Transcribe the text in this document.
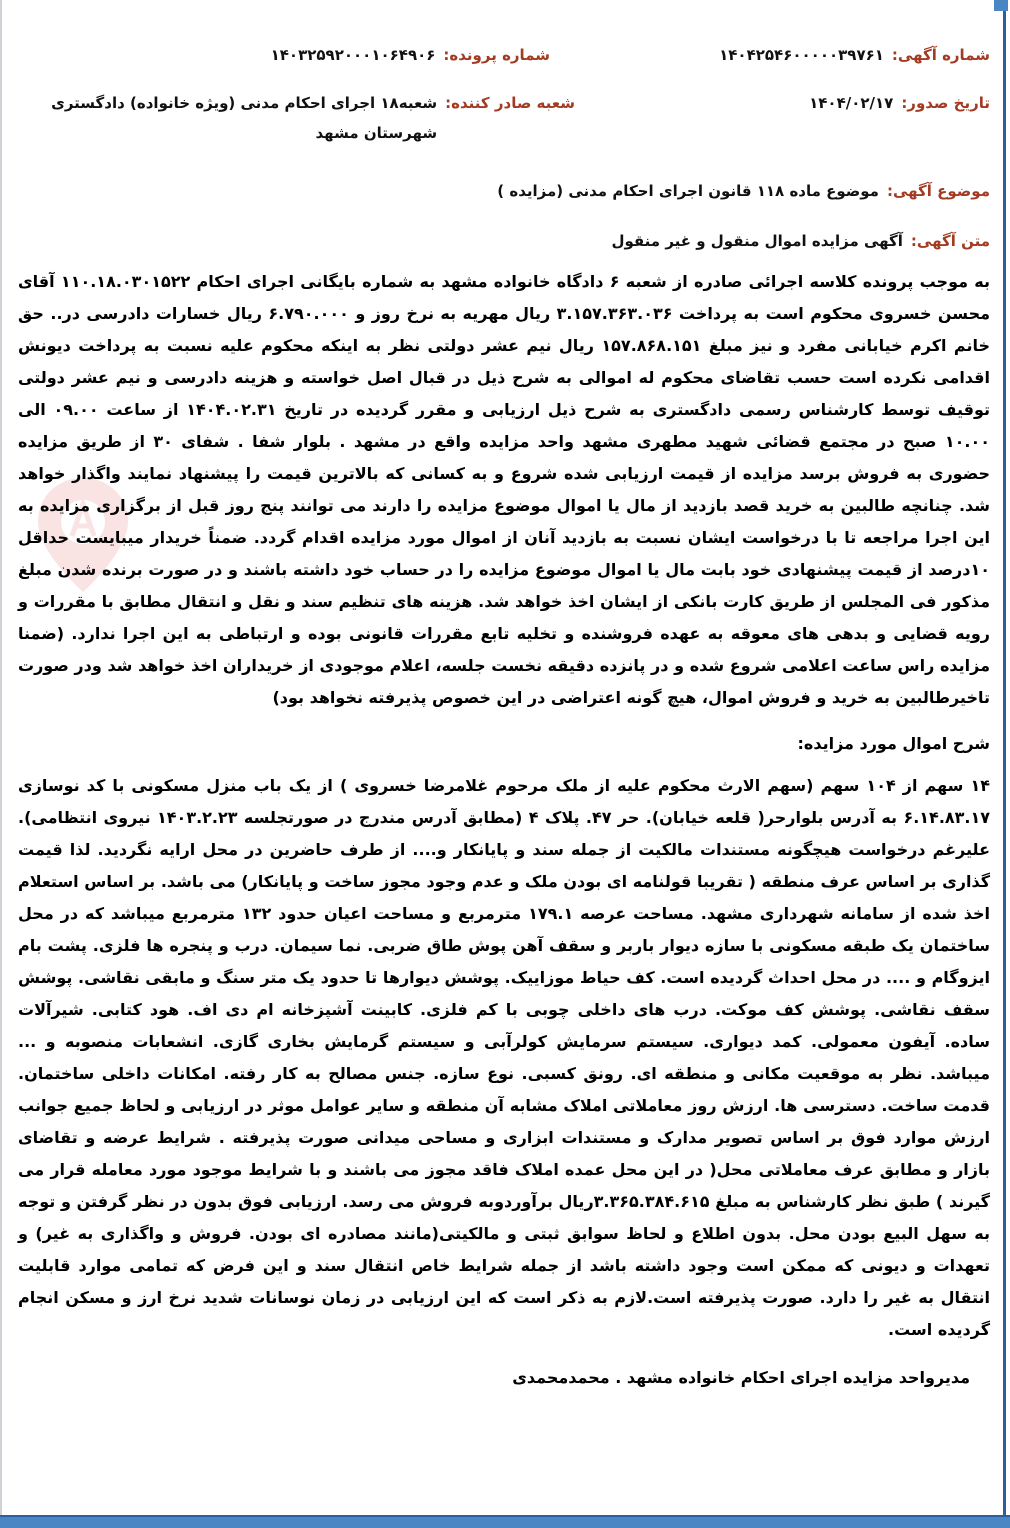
شماره آگهی:
۱۴۰۴۲۵۴۶۰۰۰۰۰۳۹۷۶۱
شماره پرونده:
۱۴۰۳۲۵۹۲۰۰۰۱۰۶۴۹۰۶
تاریخ صدور:
۱۴۰۴/۰۲/۱۷
شعبه صادر کننده:
شعبه۱۸ اجرای احکام مدنی (ویژه خانواده) دادگستری
شهرستان مشهد
موضوع آگهی:
موضوع ماده ۱۱۸ قانون اجرای احکام مدنی (مزایده )
متن آگهی:
آگهی مزایده اموال منقول و غیر منقول

به موجب پرونده کلاسه اجرائی صادره از شعبه ۶ دادگاه خانواده مشهد به شماره بایگانی اجرای احکام ۱۱۰.۱۸.۰۳۰۱۵۲۲ آقای محسن خسروی محکوم است به پرداخت ۳.۱۵۷.۳۶۳.۰۳۶ ریال مهریه به نرخ روز و ۶.۷۹۰.۰۰۰ ریال خسارات دادرسی در.. حق خانم اکرم خیابانی مفرد و نیز مبلغ ۱۵۷.۸۶۸.۱۵۱ ریال نیم عشر دولتی نظر به اینکه محکوم علیه نسبت به پرداخت دیونش اقدامی نکرده است حسب تقاضای محکوم له اموالی به شرح ذیل در قبال اصل خواسته و هزینه دادرسی و نیم عشر دولتی توقیف توسط کارشناس رسمی دادگستری به شرح ذیل ارزیابی و مقرر گردیده در تاریخ ۱۴۰۴.۰۲.۳۱ از ساعت ۰۹.۰۰ الی ۱۰.۰۰ صبح در مجتمع قضائی شهید مطهری مشهد واحد مزایده واقع در مشهد . بلوار شفا . شفای ۳۰ از طریق مزایده حضوری به فروش برسد مزایده از قیمت ارزیابی شده شروع و به کسانی که بالاترین قیمت را پیشنهاد نمایند واگذار خواهد شد. چنانچه طالبین به خرید قصد بازدید از مال یا اموال موضوع مزایده را دارند می توانند پنج روز قبل از برگزاری مزایده به این اجرا مراجعه تا با درخواست ایشان نسبت به بازدید آنان از اموال مورد مزایده اقدام گردد. ضمناً خریدار میبایست حداقل ۱۰درصد از قیمت پیشنهادی خود بابت مال یا اموال موضوع مزایده را در حساب خود داشته باشند و در صورت برنده شدن مبلغ مذکور فی المجلس از طریق کارت بانکی از ایشان اخذ خواهد شد. هزینه های تنظیم سند و نقل و انتقال مطابق با مقررات و رویه قضایی و بدهی های معوقه به عهده فروشنده و تخلیه تابع مقررات قانونی بوده و ارتباطی به این اجرا ندارد. (ضمنا مزایده راس ساعت اعلامی شروع شده و در پانزده دقیقه نخست جلسه، اعلام موجودی از خریداران اخذ خواهد شد ودر صورت تاخیرطالبین به خرید و فروش اموال، هیچ گونه اعتراضی در این خصوص پذیرفته نخواهد بود)

شرح اموال مورد مزایده:

۱۴ سهم از ۱۰۴ سهم (سهم الارث محکوم علیه از ملک مرحوم غلامرضا خسروی ) از یک باب منزل مسکونی با کد نوسازی ۶.۱۴.۸۳.۱۷ به آدرس بلوارحر( قلعه خیابان). حر ۴۷. پلاک ۴ (مطابق آدرس مندرج در صورتجلسه ۱۴۰۳.۲.۲۳ نیروی انتظامی). علیرغم درخواست هیچگونه مستندات مالکیت از جمله سند و پایانکار و.... از طرف حاضرین در محل ارایه نگردید. لذا قیمت گذاری بر اساس عرف منطقه ( تقریبا قولنامه ای بودن ملک و عدم وجود مجوز ساخت و پایانکار) می باشد. بر اساس استعلام اخذ شده از سامانه شهرداری مشهد. مساحت عرصه ۱۷۹.۱ مترمربع و مساحت اعیان حدود ۱۳۲ مترمربع میباشد که در محل ساختمان یک طبقه مسکونی با سازه دیوار باربر و سقف آهن پوش طاق ضربی. نما سیمان. درب و پنجره ها فلزی. پشت بام ایزوگام و .... در محل احداث گردیده است. کف حیاط موزاییک. پوشش دیوارها تا حدود یک متر سنگ و مابقی نقاشی. پوشش سقف نقاشی. پوشش کف موکت. درب های داخلی چوبی با کم فلزی. کابینت آشپزخانه ام دی اف. هود کتابی. شیرآلات ساده. آیفون معمولی. کمد دیواری. سیستم سرمایش کولرآبی و سیستم گرمایش بخاری گازی. انشعابات منصوبه و ... میباشد. نظر به موقعیت مکانی و منطقه ای. رونق کسبی. نوع سازه. جنس مصالح به کار رفته. امکانات داخلی ساختمان. قدمت ساخت. دسترسی ها. ارزش روز معاملاتی املاک مشابه آن منطقه و سایر عوامل موثر در ارزیابی و لحاظ جمیع جوانب ارزش موارد فوق بر اساس تصویر مدارک و مستندات ابزاری و مساحی میدانی صورت پذیرفته . شرایط عرضه و تقاضای بازار و مطابق عرف معاملاتی محل( در این محل عمده املاک فاقد مجوز می باشند و با شرایط موجود مورد معامله قرار می گیرند ) طبق نظر کارشناس به مبلغ ۳.۳۶۵.۳۸۴.۶۱۵ریال برآوردوبه فروش می رسد. ارزیابی فوق بدون در نظر گرفتن و توجه به سهل البیع بودن محل. بدون اطلاع و لحاظ سوابق ثبتی و مالکیتی(مانند مصادره ای بودن. فروش و واگذاری به غیر) و تعهدات و دیونی که ممکن است وجود داشته باشد از جمله شرایط خاص انتقال سند و این فرض که تمامی موارد قابلیت انتقال به غیر را دارد. صورت پذیرفته است.لازم به ذکر است که این ارزیابی در زمان نوسانات شدید نرخ ارز و مسکن انجام گردیده است.

مدیرواحد مزایده اجرای احکام خانواده مشهد . محمدمحمدی
